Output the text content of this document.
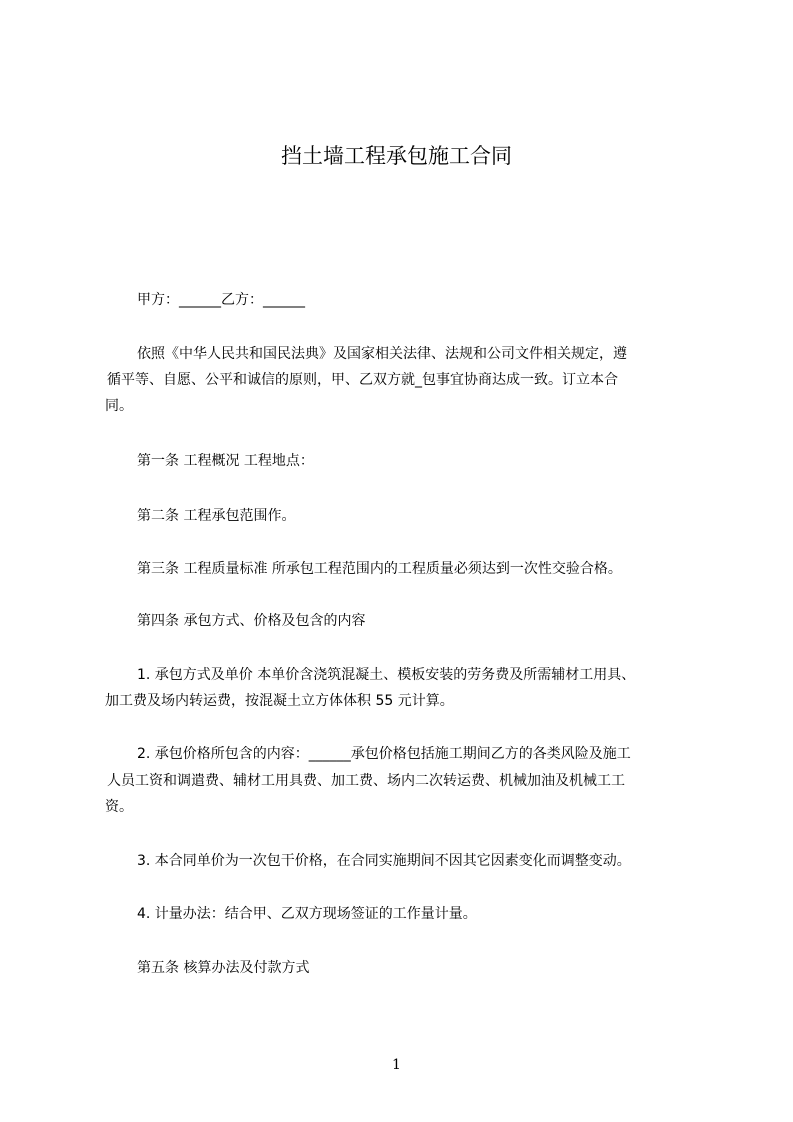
挡土墙工程承包施工合同
甲方：______乙方：______
依照《中华人民共和国民法典》及国家相关法律、法规和公司文件相关规定，遵
循平等、自愿、公平和诚信的原则，甲、乙双方就_包事宜协商达成一致。订立本合
同。
第一条 工程概况 工程地点：
第二条 工程承包范围作。
第三条 工程质量标准 所承包工程范围内的工程质量必须达到一次性交验合格。
第四条 承包方式、价格及包含的内容
1. 承包方式及单价 本单价含浇筑混凝土、模板安装的劳务费及所需辅材工用具、
加工费及场内转运费，按混凝土立方体体积 55 元计算。
2. 承包价格所包含的内容：______承包价格包括施工期间乙方的各类风险及施工
人员工资和调遣费、辅材工用具费、加工费、场内二次转运费、机械加油及机械工工
资。
3. 本合同单价为一次包干价格，在合同实施期间不因其它因素变化而调整变动。
4. 计量办法：结合甲、乙双方现场签证的工作量计量。
第五条 核算办法及付款方式
1
